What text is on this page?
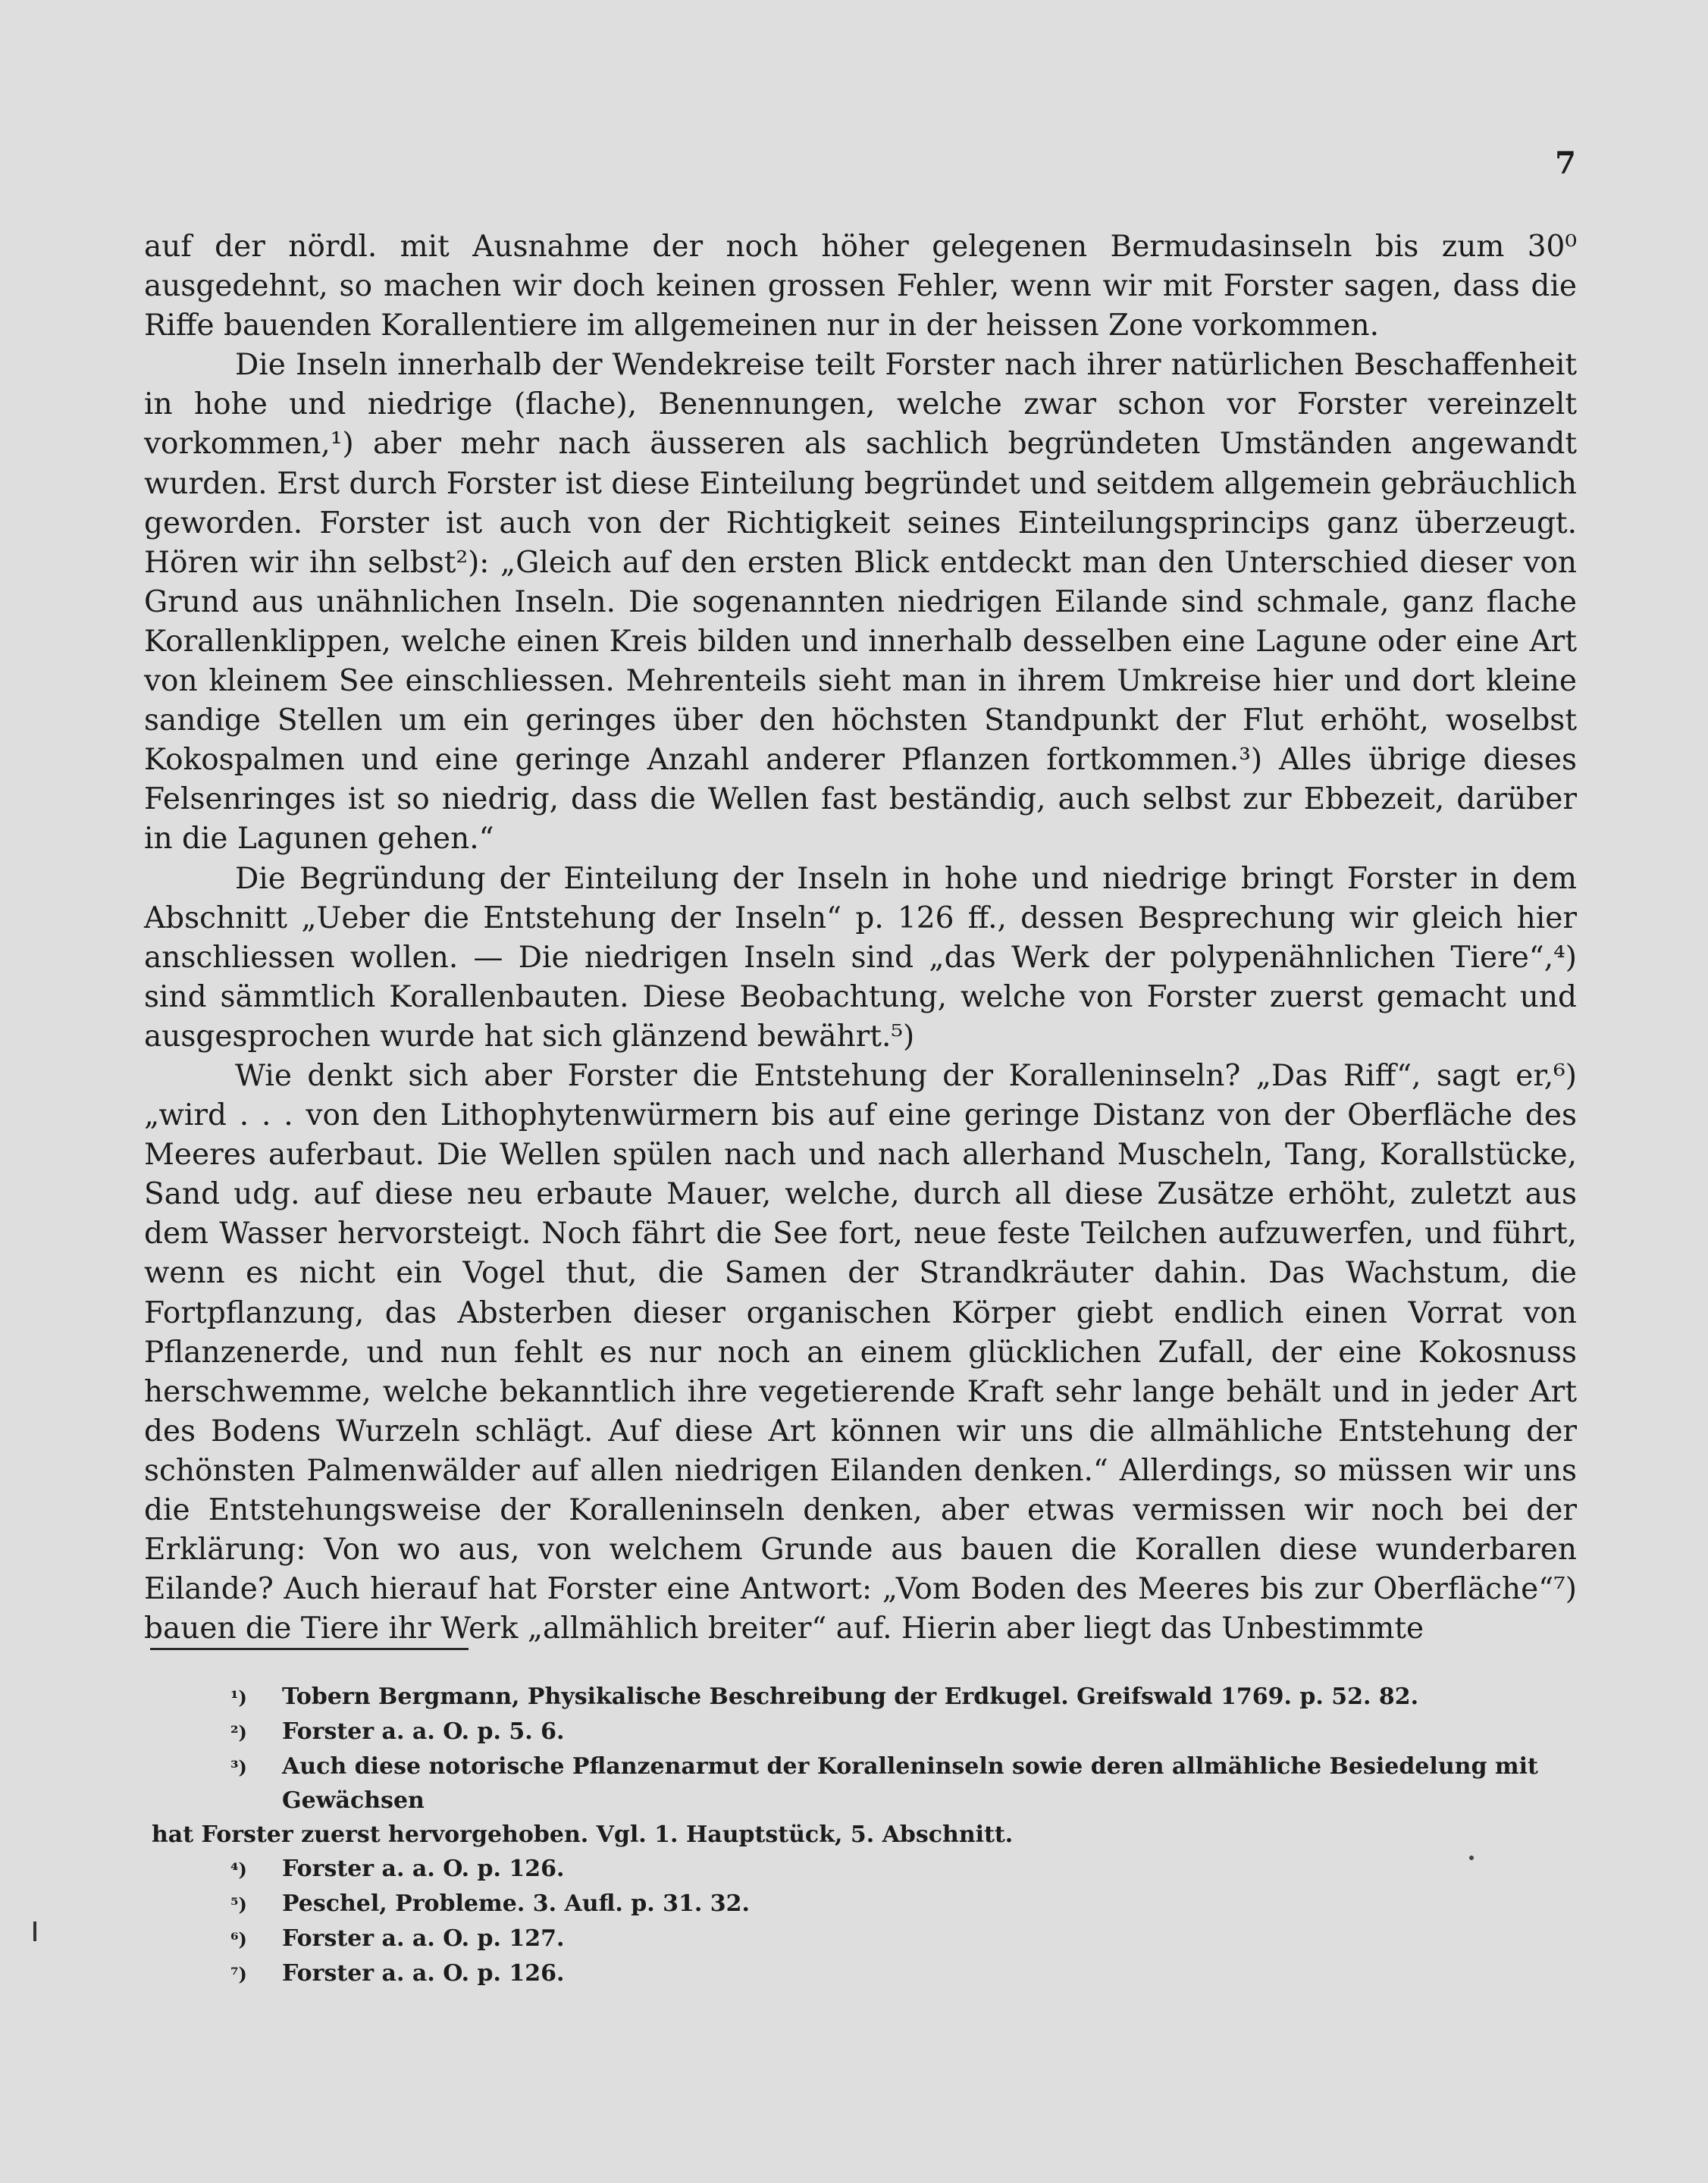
7

auf der nördl. mit Ausnahme der noch höher gelegenen Bermudasinseln bis zum 30⁰ ausgedehnt, so machen wir doch keinen grossen Fehler, wenn wir mit Forster sagen, dass die Riffe bauenden Korallentiere im allgemeinen nur in der heissen Zone vorkommen.

Die Inseln innerhalb der Wendekreise teilt Forster nach ihrer natürlichen Beschaffenheit in hohe und niedrige (flache), Benennungen, welche zwar schon vor Forster vereinzelt vorkommen,¹) aber mehr nach äusseren als sachlich begründeten Umständen angewandt wurden. Erst durch Forster ist diese Einteilung begründet und seitdem allgemein gebräuchlich geworden. Forster ist auch von der Richtigkeit seines Einteilungsprincips ganz überzeugt. Hören wir ihn selbst²): „Gleich auf den ersten Blick entdeckt man den Unterschied dieser von Grund aus unähnlichen Inseln. Die sogenannten niedrigen Eilande sind schmale, ganz flache Korallenklippen, welche einen Kreis bilden und innerhalb desselben eine Lagune oder eine Art von kleinem See einschliessen. Mehrenteils sieht man in ihrem Umkreise hier und dort kleine sandige Stellen um ein geringes über den höchsten Standpunkt der Flut erhöht, woselbst Kokospalmen und eine geringe Anzahl anderer Pflanzen fortkommen.³) Alles übrige dieses Felsenringes ist so niedrig, dass die Wellen fast beständig, auch selbst zur Ebbezeit, darüber in die Lagunen gehen.“

Die Begründung der Einteilung der Inseln in hohe und niedrige bringt Forster in dem Abschnitt „Ueber die Entstehung der Inseln“ p. 126 ff., dessen Besprechung wir gleich hier anschliessen wollen. — Die niedrigen Inseln sind „das Werk der polypenähnlichen Tiere“,⁴) sind sämmtlich Korallenbauten. Diese Beobachtung, welche von Forster zuerst gemacht und ausgesprochen wurde hat sich glänzend bewährt.⁵)

Wie denkt sich aber Forster die Entstehung der Koralleninseln? „Das Riff“, sagt er,⁶) „wird . . . von den Lithophytenwürmern bis auf eine geringe Distanz von der Oberfläche des Meeres auferbaut. Die Wellen spülen nach und nach allerhand Muscheln, Tang, Korallstücke, Sand udg. auf diese neu erbaute Mauer, welche, durch all diese Zusätze erhöht, zuletzt aus dem Wasser hervorsteigt. Noch fährt die See fort, neue feste Teilchen aufzuwerfen, und führt, wenn es nicht ein Vogel thut, die Samen der Strandkräuter dahin. Das Wachstum, die Fortpflanzung, das Absterben dieser organischen Körper giebt endlich einen Vorrat von Pflanzenerde, und nun fehlt es nur noch an einem glücklichen Zufall, der eine Kokosnuss herschwemme, welche bekanntlich ihre vegetierende Kraft sehr lange behält und in jeder Art des Bodens Wurzeln schlägt. Auf diese Art können wir uns die allmähliche Entstehung der schönsten Palmenwälder auf allen niedrigen Eilanden denken.“ Allerdings, so müssen wir uns die Entstehungsweise der Koralleninseln denken, aber etwas vermissen wir noch bei der Erklärung: Von wo aus, von welchem Grunde aus bauen die Korallen diese wunderbaren Eilande? Auch hierauf hat Forster eine Antwort: „Vom Boden des Meeres bis zur Oberfläche“⁷) bauen die Tiere ihr Werk „allmählich breiter“ auf. Hierin aber liegt das Unbestimmte

¹)	Tobern Bergmann, Physikalische Beschreibung der Erdkugel. Greifswald 1769. p. 52. 82.
²)	Forster a. a. O. p. 5. 6.
³)	Auch diese notorische Pflanzenarmut der Koralleninseln sowie deren allmähliche Besiedelung mit Gewächsen
hat Forster zuerst hervorgehoben. Vgl. 1. Hauptstück, 5. Abschnitt.
⁴)	Forster a. a. O. p. 126.
⁵)	Peschel, Probleme. 3. Aufl. p. 31. 32.
⁶)	Forster a. a. O. p. 127.
⁷)	Forster a. a. O. p. 126.
